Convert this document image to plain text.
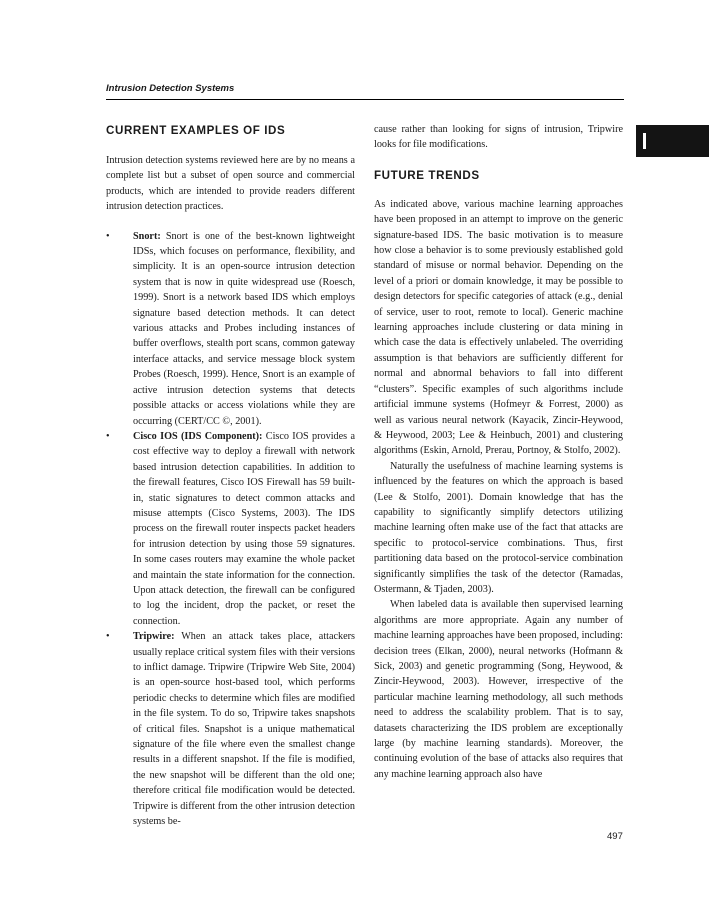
Intrusion Detection Systems
CURRENT EXAMPLES OF IDS

Intrusion detection systems reviewed here are by no means a complete list but a subset of open source and commercial products, which are intended to provide readers different intrusion detection practices.

• Snort: Snort is one of the best-known lightweight IDSs, which focuses on performance, flexibility, and simplicity. It is an open-source intrusion detection system that is now in quite widespread use (Roesch, 1999). Snort is a network based IDS which employs signature based detection methods. It can detect various attacks and Probes including instances of buffer overflows, stealth port scans, common gateway interface attacks, and service message block system Probes (Roesch, 1999). Hence, Snort is an example of active intrusion detection systems that detects possible attacks or access violations while they are occurring (CERT/CC ©, 2001).
• Cisco IOS (IDS Component): Cisco IOS provides a cost effective way to deploy a firewall with network based intrusion detection capabilities. In addition to the firewall features, Cisco IOS Firewall has 59 built-in, static signatures to detect common attacks and misuse attempts (Cisco Systems, 2003). The IDS process on the firewall router inspects packet headers for intrusion detection by using those 59 signatures. In some cases routers may examine the whole packet and maintain the state information for the connection. Upon attack detection, the firewall can be configured to log the incident, drop the packet, or reset the connection.
• Tripwire: When an attack takes place, attackers usually replace critical system files with their versions to inflict damage. Tripwire (Tripwire Web Site, 2004) is an open-source host-based tool, which performs periodic checks to determine which files are modified in the file system. To do so, Tripwire takes snapshots of critical files. Snapshot is a unique mathematical signature of the file where even the smallest change results in a different snapshot. If the file is modified, the new snapshot will be different than the old one; therefore critical file modification would be detected. Tripwire is different from the other intrusion detection systems be-

cause rather than looking for signs of intrusion, Tripwire looks for file modifications.

FUTURE TRENDS

As indicated above, various machine learning approaches have been proposed in an attempt to improve on the generic signature-based IDS. The basic motivation is to measure how close a behavior is to some previously established gold standard of misuse or normal behavior. Depending on the level of a priori or domain knowledge, it may be possible to design detectors for specific categories of attack (e.g., denial of service, user to root, remote to local). Generic machine learning approaches include clustering or data mining in which case the data is effectively unlabeled. The overriding assumption is that behaviors are sufficiently different for normal and abnormal behaviors to fall into different “clusters”. Specific examples of such algorithms include artificial immune systems (Hofmeyr & Forrest, 2000) as well as various neural network (Kayacik, Zincir-Heywood, & Heywood, 2003; Lee & Heinbuch, 2001) and clustering algorithms (Eskin, Arnold, Prerau, Portnoy, & Stolfo, 2002).

Naturally the usefulness of machine learning systems is influenced by the features on which the approach is based (Lee & Stolfo, 2001). Domain knowledge that has the capability to significantly simplify detectors utilizing machine learning often make use of the fact that attacks are specific to protocol-service combinations. Thus, first partitioning data based on the protocol-service combination significantly simplifies the task of the detector (Ramadas, Ostermann, & Tjaden, 2003).

When labeled data is available then supervised learning algorithms are more appropriate. Again any number of machine learning approaches have been proposed, including: decision trees (Elkan, 2000), neural networks (Hofmann & Sick, 2003) and genetic programming (Song, Heywood, & Zincir-Heywood, 2003). However, irrespective of the particular machine learning methodology, all such methods need to address the scalability problem. That is to say, datasets characterizing the IDS problem are exceptionally large (by machine learning standards). Moreover, the continuing evolution of the base of attacks also requires that any machine learning approach also have

497
